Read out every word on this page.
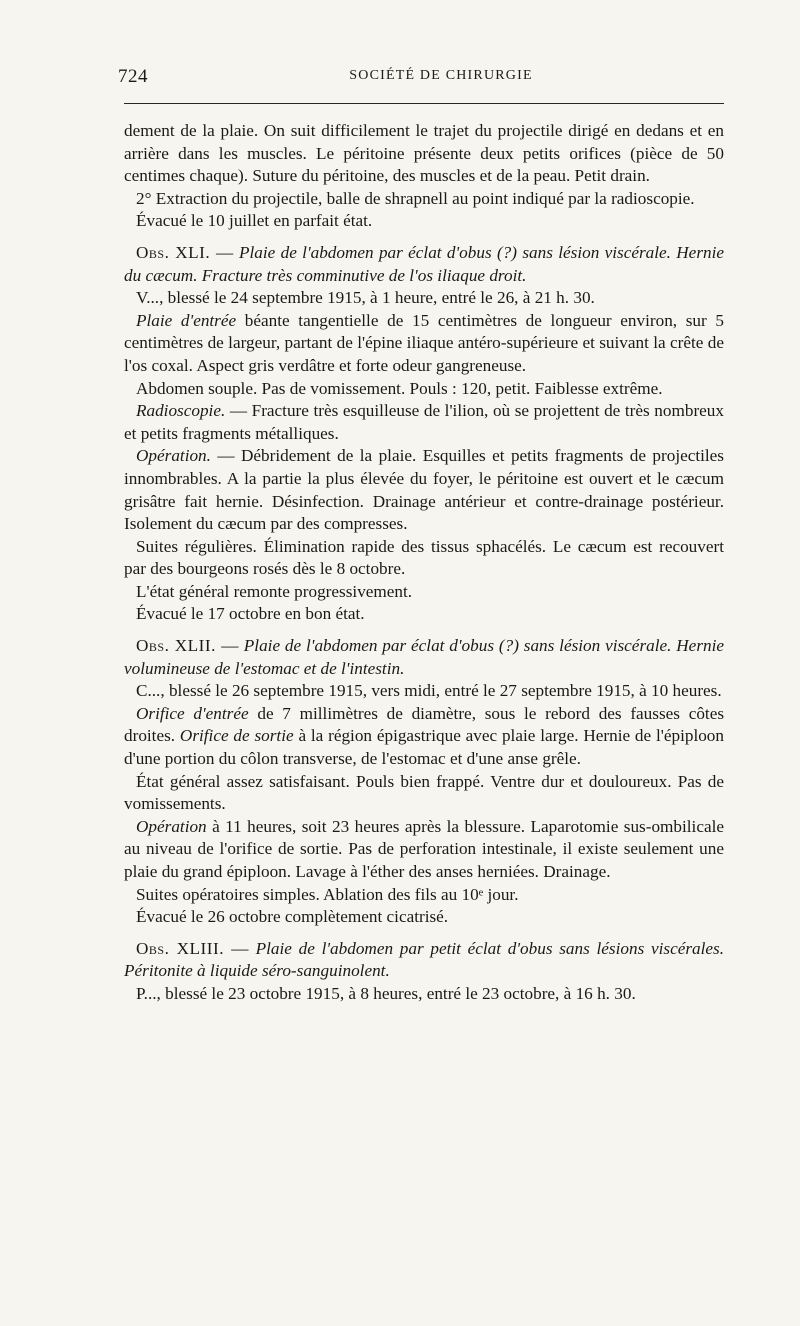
724	SOCIÉTÉ DE CHIRURGIE

dement de la plaie. On suit difficilement le trajet du projectile dirigé en dedans et en arrière dans les muscles. Le péritoine présente deux petits orifices (pièce de 50 centimes chaque). Suture du péritoine, des muscles et de la peau. Petit drain.

2° Extraction du projectile, balle de shrapnell au point indiqué par la radioscopie.

Évacué le 10 juillet en parfait état.

Obs. XLI. — Plaie de l'abdomen par éclat d'obus (?) sans lésion viscérale. Hernie du cæcum. Fracture très comminutive de l'os iliaque droit.

V..., blessé le 24 septembre 1915, à 1 heure, entré le 26, à 21 h. 30.

Plaie d'entrée béante tangentielle de 15 centimètres de longueur environ, sur 5 centimètres de largeur, partant de l'épine iliaque antéro-supérieure et suivant la crête de l'os coxal. Aspect gris verdâtre et forte odeur gangreneuse.

Abdomen souple. Pas de vomissement. Pouls : 120, petit. Faiblesse extrême.

Radioscopie. — Fracture très esquilleuse de l'ilion, où se projettent de très nombreux et petits fragments métalliques.

Opération. — Débridement de la plaie. Esquilles et petits fragments de projectiles innombrables. A la partie la plus élevée du foyer, le péritoine est ouvert et le cæcum grisâtre fait hernie. Désinfection. Drainage antérieur et contre-drainage postérieur. Isolement du cæcum par des compresses.

Suites régulières. Élimination rapide des tissus sphacélés. Le cæcum est recouvert par des bourgeons rosés dès le 8 octobre.

L'état général remonte progressivement.

Évacué le 17 octobre en bon état.

Obs. XLII. — Plaie de l'abdomen par éclat d'obus (?) sans lésion viscérale. Hernie volumineuse de l'estomac et de l'intestin.

C..., blessé le 26 septembre 1915, vers midi, entré le 27 septembre 1915, à 10 heures.

Orifice d'entrée de 7 millimètres de diamètre, sous le rebord des fausses côtes droites. Orifice de sortie à la région épigastrique avec plaie large. Hernie de l'épiploon d'une portion du côlon transverse, de l'estomac et d'une anse grêle.

État général assez satisfaisant. Pouls bien frappé. Ventre dur et douloureux. Pas de vomissements.

Opération à 11 heures, soit 23 heures après la blessure. Laparotomie sus-ombilicale au niveau de l'orifice de sortie. Pas de perforation intestinale, il existe seulement une plaie du grand épiploon. Lavage à l'éther des anses herniées. Drainage.

Suites opératoires simples. Ablation des fils au 10ᵉ jour.

Évacué le 26 octobre complètement cicatrisé.

Obs. XLIII. — Plaie de l'abdomen par petit éclat d'obus sans lésions viscérales. Péritonite à liquide séro-sanguinolent.

P..., blessé le 23 octobre 1915, à 8 heures, entré le 23 octobre, à 16 h. 30.
